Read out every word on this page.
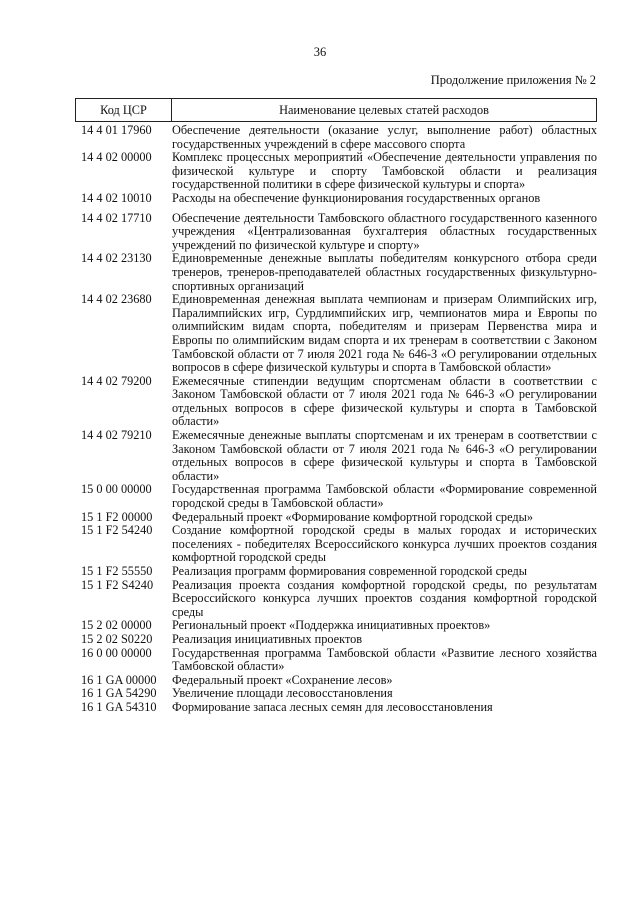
36
Продолжение приложения № 2
Код ЦСР	Наименование целевых статей расходов
14 4 01 17960	Обеспечение деятельности (оказание услуг, выполнение работ) областных государственных учреждений в сфере массового спорта
14 4 02 00000	Комплекс процессных мероприятий «Обеспечение деятельности управления по физической культуре и спорту Тамбовской области и реализация государственной политики в сфере физической культуры и спорта»
14 4 02 10010	Расходы на обеспечение функционирования государственных органов
14 4 02 17710	Обеспечение деятельности Тамбовского областного государственного казенного учреждения «Централизованная бухгалтерия областных государственных учреждений по физической культуре и спорту»
14 4 02 23130	Единовременные денежные выплаты победителям конкурсного отбора среди тренеров, тренеров-преподавателей областных государственных физкультурно-спортивных организаций
14 4 02 23680	Единовременная денежная выплата чемпионам и призерам Олимпийских игр, Паралимпийских игр, Сурдлимпийских игр, чемпионатов мира и Европы по олимпийским видам спорта, победителям и призерам Первенства мира и Европы по олимпийским видам спорта и их тренерам в соответствии с Законом Тамбовской области от 7 июля 2021 года № 646-З «О регулировании отдельных вопросов в сфере физической культуры и спорта в Тамбовской области»
14 4 02 79200	Ежемесячные стипендии ведущим спортсменам области в соответствии с Законом Тамбовской области от 7 июля 2021 года № 646-З «О регулировании отдельных вопросов в сфере физической культуры и спорта в Тамбовской области»
14 4 02 79210	Ежемесячные денежные выплаты спортсменам и их тренерам в соответствии с Законом Тамбовской области от 7 июля 2021 года № 646-З «О регулировании отдельных вопросов в сфере физической культуры и спорта в Тамбовской области»
15 0 00 00000	Государственная программа Тамбовской области «Формирование современной городской среды в Тамбовской области»
15 1 F2 00000	Федеральный проект «Формирование комфортной городской среды»
15 1 F2 54240	Создание комфортной городской среды в малых городах и исторических поселениях - победителях Всероссийского конкурса лучших проектов создания комфортной городской среды
15 1 F2 55550	Реализация программ формирования современной городской среды
15 1 F2 S4240	Реализация проекта создания комфортной городской среды, по результатам Всероссийского конкурса лучших проектов создания комфортной городской среды
15 2 02 00000	Региональный проект «Поддержка инициативных проектов»
15 2 02 S0220	Реализация инициативных проектов
16 0 00 00000	Государственная программа Тамбовской области «Развитие лесного хозяйства Тамбовской области»
16 1 GA 00000	Федеральный проект «Сохранение лесов»
16 1 GA 54290	Увеличение площади лесовосстановления
16 1 GA 54310	Формирование запаса лесных семян для лесовосстановления
